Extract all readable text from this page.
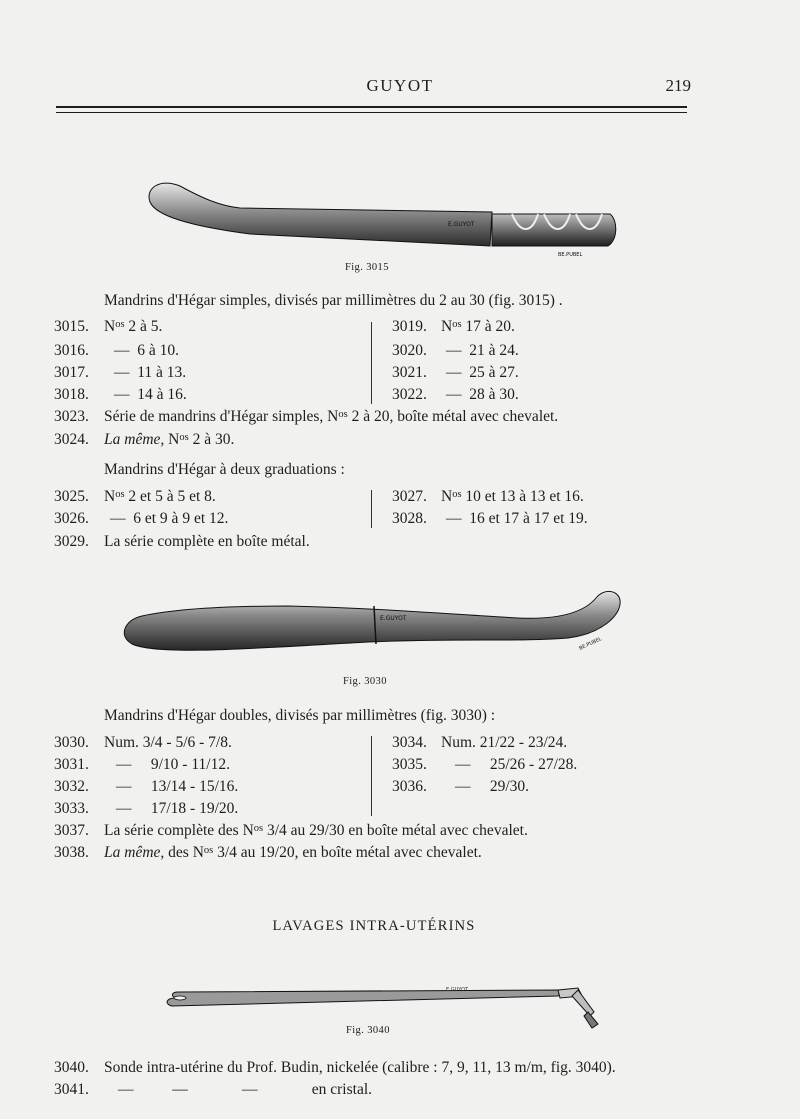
GUYOT	219
E.GUYOT
BE.PUBEL
Fig. 3015
Mandrins d'Hégar simples, divisés par millimètres du 2 au 30 (fig. 3015) .
3015. $N^{os}$ 2 à 5.
3016. — 6 à 10.
3017. — 11 à 13.
3018. — 14 à 16.
3019. $N^{os}$ 17 à 20.
3020. — 21 à 24.
3021. — 25 à 27.
3022. — 28 à 30.
3023. Série de mandrins d'Hégar simples, $N^{os}$ 2 à 20, boîte métal avec chevalet.
3024. La même, $N^{os}$ 2 à 30.
Mandrins d'Hégar à deux graduations :
3025. $N^{os}$ 2 et 5 à 5 et 8.
3026. — 6 et 9 à 9 et 12.
3027. $N^{os}$ 10 et 13 à 13 et 16.
3028. — 16 et 17 à 17 et 19.
3029. La série complète en boîte métal.
E.GUYOT
BE.PUBEL
Fig. 3030
Mandrins d'Hégar doubles, divisés par millimètres (fig. 3030) :
3030. Num. 3/4 - 5/6 - 7/8.
3031. —     9/10 - 11/12.
3032. —     13/14 - 15/16.
3033. —     17/18 - 19/20.
3034. Num. 21/22 - 23/24.
3035. —     25/26 - 27/28.
3036. —     29/30.
3037. La série complète des $N^{os}$ 3/4 au 29/30 en boîte métal avec chevalet.
3038. La même, des $N^{os}$ 3/4 au 19/20, en boîte métal avec chevalet.
LAVAGES INTRA-UTÉRINS
E.GUYOT
Fig. 3040
3040. Sonde intra-utérine du Prof. Budin, nickelée (calibre : 7, 9, 11, 13 m/m, fig. 3040).
3041. —          —              —              en cristal.
